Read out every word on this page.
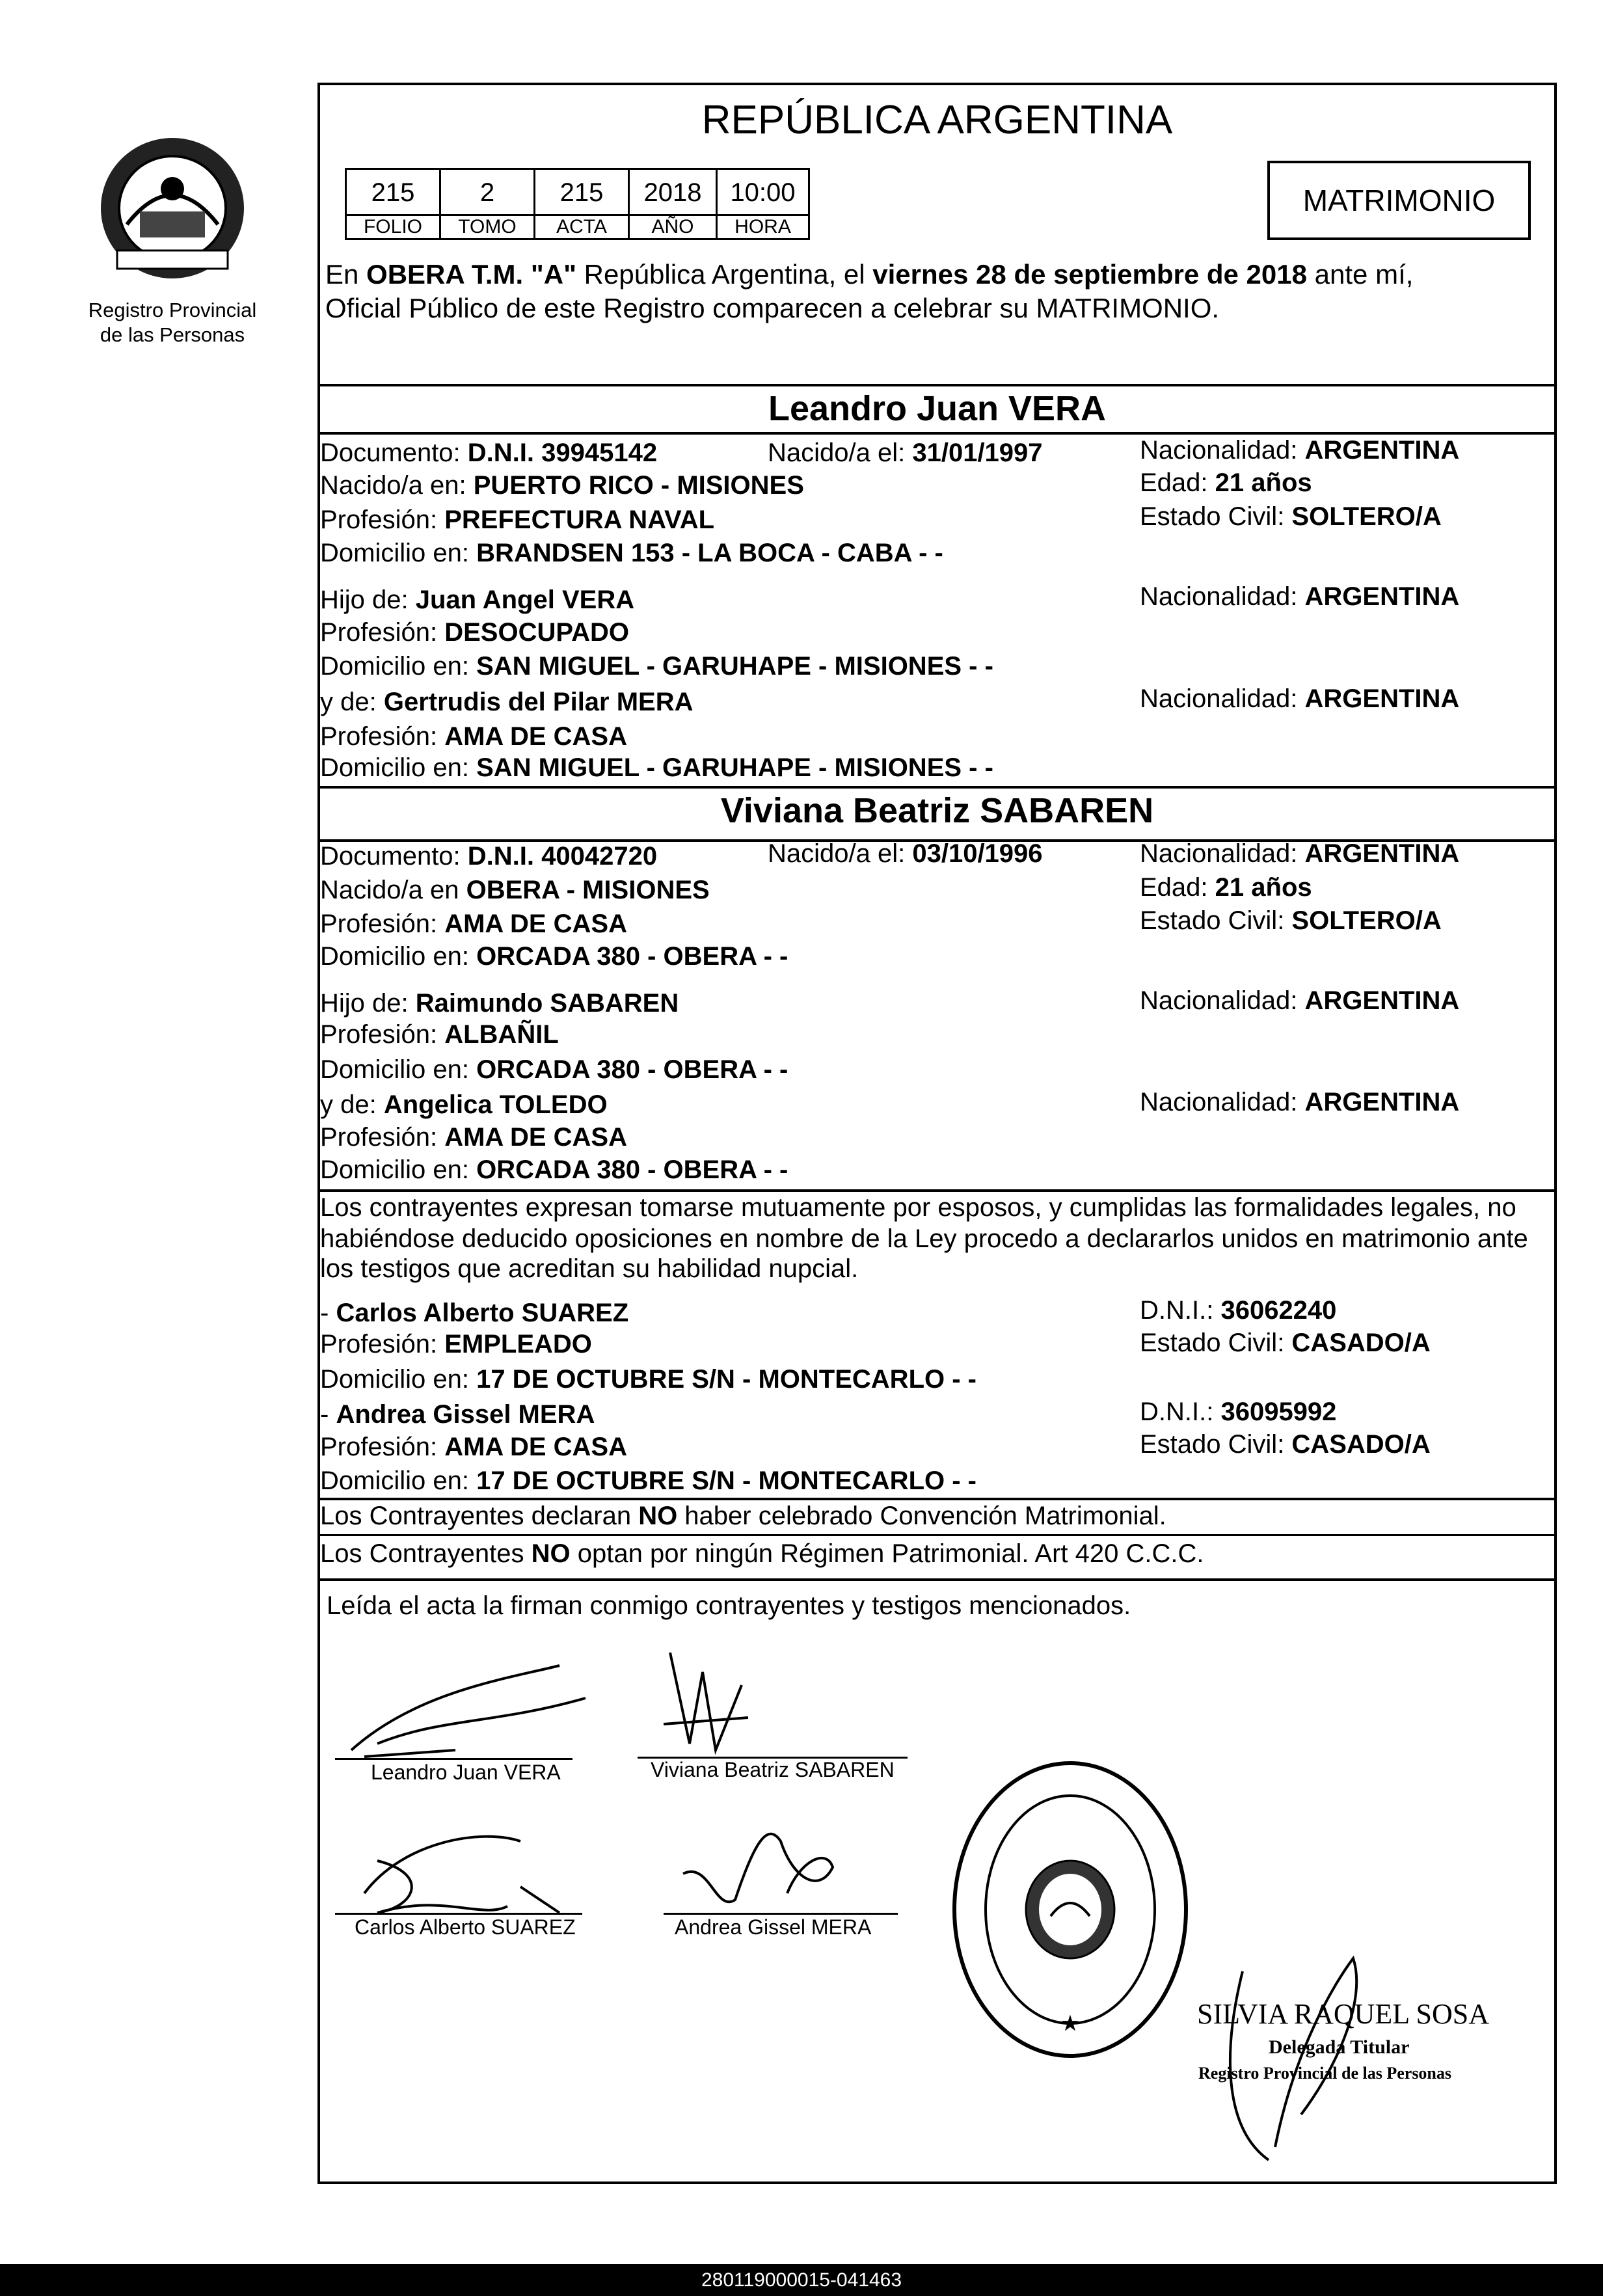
Registro Provincial
de las Personas
REPÚBLICA ARGENTINA
215	2	215	2018	10:00
FOLIO	TOMO	ACTA	AÑO	HORA
MATRIMONIO
En OBERA T.M. "A" República Argentina, el viernes 28 de septiembre de 2018 ante mí,
Oficial Público de este Registro comparecen a celebrar su MATRIMONIO.
Leandro Juan VERA
Documento: D.N.I. 39945142	Nacido/a el: 31/01/1997	Nacionalidad: ARGENTINA
Nacido/a en: PUERTO RICO - MISIONES	Edad: 21 años
Profesión: PREFECTURA NAVAL	Estado Civil: SOLTERO/A
Domicilio en: BRANDSEN 153 - LA BOCA - CABA - -
Hijo de: Juan Angel VERA	Nacionalidad: ARGENTINA
Profesión: DESOCUPADO
Domicilio en: SAN MIGUEL - GARUHAPE - MISIONES - -
y de: Gertrudis del Pilar MERA	Nacionalidad: ARGENTINA
Profesión: AMA DE CASA
Domicilio en: SAN MIGUEL - GARUHAPE - MISIONES - -
Viviana Beatriz SABAREN
Documento: D.N.I. 40042720	Nacido/a el: 03/10/1996	Nacionalidad: ARGENTINA
Nacido/a en OBERA - MISIONES	Edad: 21 años
Profesión: AMA DE CASA	Estado Civil: SOLTERO/A
Domicilio en: ORCADA 380 - OBERA - -
Hijo de: Raimundo SABAREN	Nacionalidad: ARGENTINA
Profesión: ALBAÑIL
Domicilio en: ORCADA 380 - OBERA - -
y de: Angelica TOLEDO	Nacionalidad: ARGENTINA
Profesión: AMA DE CASA
Domicilio en: ORCADA 380 - OBERA - -
Los contrayentes expresan tomarse mutuamente por esposos, y cumplidas las formalidades legales, no
habiéndose deducido oposiciones en nombre de la Ley procedo a declararlos unidos en matrimonio ante
los testigos que acreditan su habilidad nupcial.
- Carlos Alberto SUAREZ	D.N.I.: 36062240
Profesión: EMPLEADO	Estado Civil: CASADO/A
Domicilio en: 17 DE OCTUBRE S/N - MONTECARLO - -
- Andrea Gissel MERA	D.N.I.: 36095992
Profesión: AMA DE CASA	Estado Civil: CASADO/A
Domicilio en: 17 DE OCTUBRE S/N - MONTECARLO - -
Los Contrayentes declaran NO haber celebrado Convención Matrimonial.
Los Contrayentes NO optan por ningún Régimen Patrimonial. Art 420 C.C.C.
Leída el acta la firman conmigo contrayentes y testigos mencionados.
Leandro Juan VERA	Viviana Beatriz SABAREN
Carlos Alberto SUAREZ	Andrea Gissel MERA
★	SILVIA RAQUEL SOSA
Delegada Titular
Registro Provincial de las Personas
280119000015-041463
